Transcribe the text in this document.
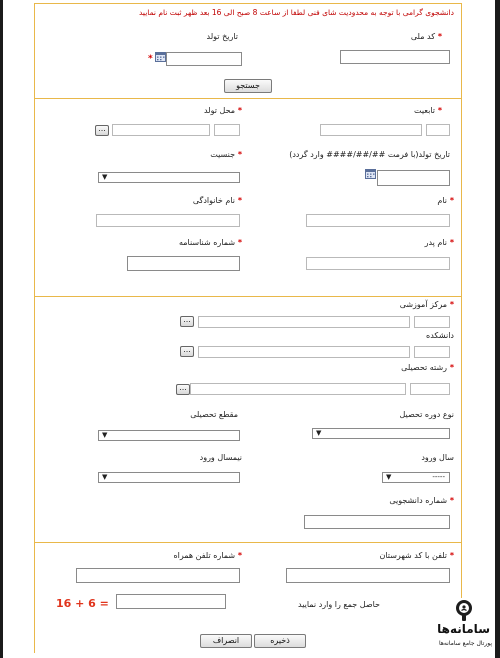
دانشجوی گرامی با توجه به محدودیت شای فنی لطفا از ساعت 8 صبح الی 16 بعد ظهر ثبت نام نمایید
* کد ملی
تاریخ تولد
*
جستجو
* تابعیت
* محل تولد
...
تاریخ تولد(با فرمت ##/##/#### وارد گردد)
* جنسیت
▼
* نام
* نام خانوادگی
* نام پدر
* شماره شناسنامه
* مرکز آموزشی
...
دانشکده
...
* رشته تحصیلی
...
نوع دوره تحصیل
▼
مقطع تحصیلی
▼
سال ورود
▼	-----
نیمسال ورود
▼
* شماره دانشجویی
* تلفن با کد شهرستان
* شماره تلفن همراه
حاصل جمع را وارد نمایید
16 + 6 =
ذخیره
انصراف
سامانه‌ها
پورتال جامع سامانه‌ها
